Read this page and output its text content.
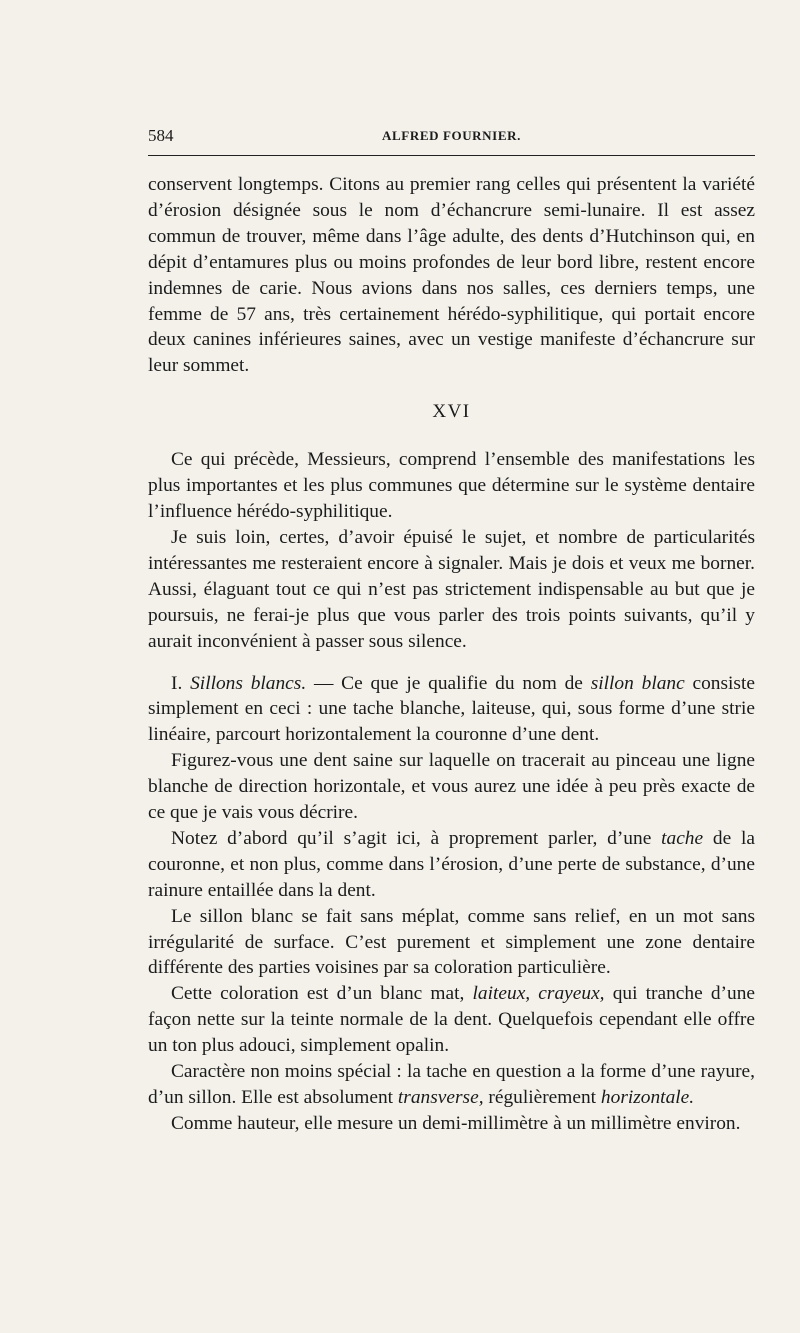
584	ALFRED FOURNIER.

conservent longtemps. Citons au premier rang celles qui présentent la variété d’érosion désignée sous le nom d’échancrure semi-lunaire. Il est assez commun de trouver, même dans l’âge adulte, des dents d’Hutchinson qui, en dépit d’entamures plus ou moins profondes de leur bord libre, restent encore indemnes de carie. Nous avions dans nos salles, ces derniers temps, une femme de 57 ans, très certainement hérédo-syphilitique, qui portait encore deux canines inférieures saines, avec un vestige manifeste d’échancrure sur leur sommet.

XVI

Ce qui précède, Messieurs, comprend l’ensemble des manifestations les plus importantes et les plus communes que détermine sur le système dentaire l’influence hérédo-syphilitique.

Je suis loin, certes, d’avoir épuisé le sujet, et nombre de particularités intéressantes me resteraient encore à signaler. Mais je dois et veux me borner. Aussi, élaguant tout ce qui n’est pas strictement indispensable au but que je poursuis, ne ferai-je plus que vous parler des trois points suivants, qu’il y aurait inconvénient à passer sous silence.

I. Sillons blancs. — Ce que je qualifie du nom de sillon blanc consiste simplement en ceci : une tache blanche, laiteuse, qui, sous forme d’une strie linéaire, parcourt horizontalement la couronne d’une dent.

Figurez-vous une dent saine sur laquelle on tracerait au pinceau une ligne blanche de direction horizontale, et vous aurez une idée à peu près exacte de ce que je vais vous décrire.

Notez d’abord qu’il s’agit ici, à proprement parler, d’une tache de la couronne, et non plus, comme dans l’érosion, d’une perte de substance, d’une rainure entaillée dans la dent.

Le sillon blanc se fait sans méplat, comme sans relief, en un mot sans irrégularité de surface. C’est purement et simplement une zone dentaire différente des parties voisines par sa coloration particulière.

Cette coloration est d’un blanc mat, laiteux, crayeux, qui tranche d’une façon nette sur la teinte normale de la dent. Quelquefois cependant elle offre un ton plus adouci, simplement opalin.

Caractère non moins spécial : la tache en question a la forme d’une rayure, d’un sillon. Elle est absolument transverse, régulièrement horizontale.

Comme hauteur, elle mesure un demi-millimètre à un millimètre environ.
